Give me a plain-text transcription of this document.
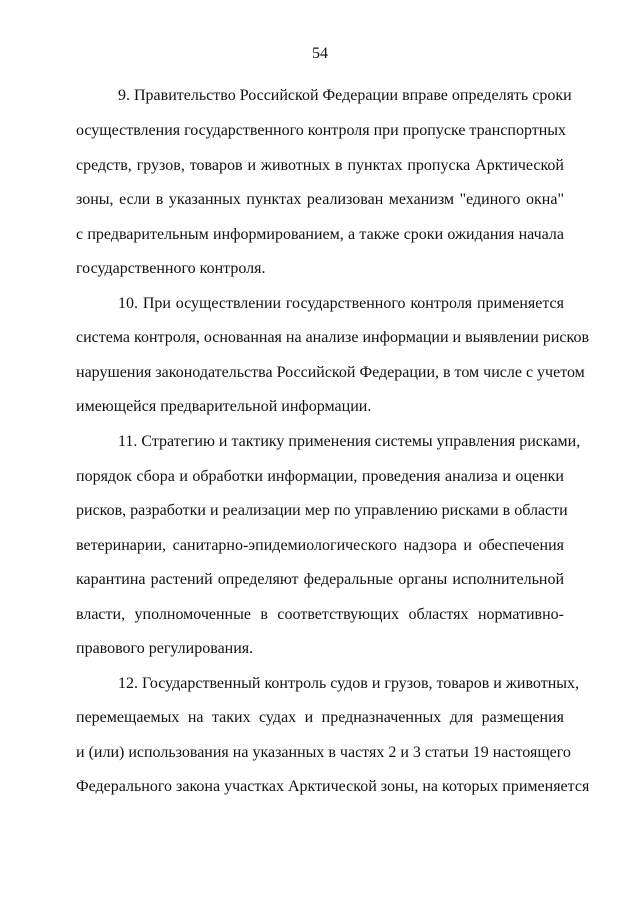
54
9. Правительство Российской Федерации вправе определять сроки
осуществления государственного контроля при пропуске транспортных
средств, грузов, товаров и животных в пунктах пропуска Арктической
зоны, если в указанных пунктах реализован механизм "единого окна"
с предварительным информированием, а также сроки ожидания начала
государственного контроля.
10. При осуществлении государственного контроля применяется
система контроля, основанная на анализе информации и выявлении рисков
нарушения законодательства Российской Федерации, в том числе с учетом
имеющейся предварительной информации.
11. Стратегию и тактику применения системы управления рисками,
порядок сбора и обработки информации, проведения анализа и оценки
рисков, разработки и реализации мер по управлению рисками в области
ветеринарии, санитарно-эпидемиологического надзора и обеспечения
карантина растений определяют федеральные органы исполнительной
власти, уполномоченные в соответствующих областях нормативно-
правового регулирования.
12. Государственный контроль судов и грузов, товаров и животных,
перемещаемых на таких судах и предназначенных для размещения
и (или) использования на указанных в частях 2 и 3 статьи 19 настоящего
Федерального закона участках Арктической зоны, на которых применяется
